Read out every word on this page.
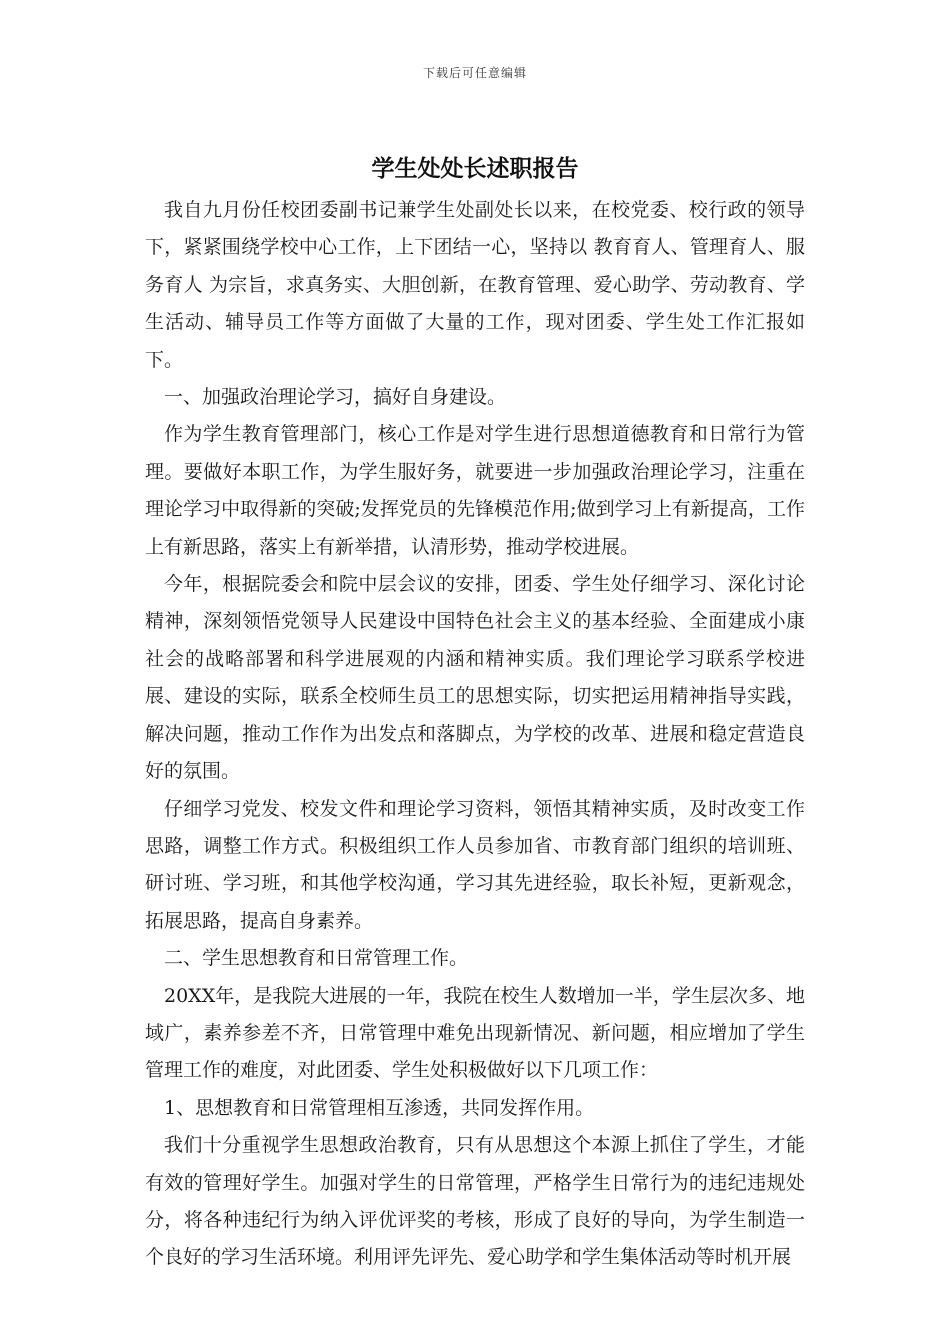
下载后可任意编辑
学生处处长述职报告

我自九月份任校团委副书记兼学生处副处长以来，在校党委、校行政的领导下，紧紧围绕学校中心工作，上下团结一心，坚持以 教育育人、管理育人、服务育人 为宗旨，求真务实、大胆创新，在教育管理、爱心助学、劳动教育、学生活动、辅导员工作等方面做了大量的工作，现对团委、学生处工作汇报如下。

一、加强政治理论学习，搞好自身建设。

作为学生教育管理部门，核心工作是对学生进行思想道德教育和日常行为管理。要做好本职工作，为学生服好务，就要进一步加强政治理论学习，注重在理论学习中取得新的突破;发挥党员的先锋模范作用;做到学习上有新提高，工作上有新思路，落实上有新举措，认清形势，推动学校进展。

今年，根据院委会和院中层会议的安排，团委、学生处仔细学习、深化讨论精神，深刻领悟党领导人民建设中国特色社会主义的基本经验、全面建成小康社会的战略部署和科学进展观的内涵和精神实质。我们理论学习联系学校进展、建设的实际，联系全校师生员工的思想实际，切实把运用精神指导实践，解决问题，推动工作作为出发点和落脚点，为学校的改革、进展和稳定营造良好的氛围。

仔细学习党发、校发文件和理论学习资料，领悟其精神实质，及时改变工作思路，调整工作方式。积极组织工作人员参加省、市教育部门组织的培训班、研讨班、学习班，和其他学校沟通，学习其先进经验，取长补短，更新观念，拓展思路，提高自身素养。

二、学生思想教育和日常管理工作。

20XX年，是我院大进展的一年，我院在校生人数增加一半，学生层次多、地域广，素养参差不齐，日常管理中难免出现新情况、新问题，相应增加了学生管理工作的难度，对此团委、学生处积极做好以下几项工作：

1、思想教育和日常管理相互渗透，共同发挥作用。

我们十分重视学生思想政治教育，只有从思想这个本源上抓住了学生，才能有效的管理好学生。加强对学生的日常管理，严格学生日常行为的违纪违规处分，将各种违纪行为纳入评优评奖的考核，形成了良好的导向，为学生制造一个良好的学习生活环境。利用评先评先、爱心助学和学生集体活动等时机开展
